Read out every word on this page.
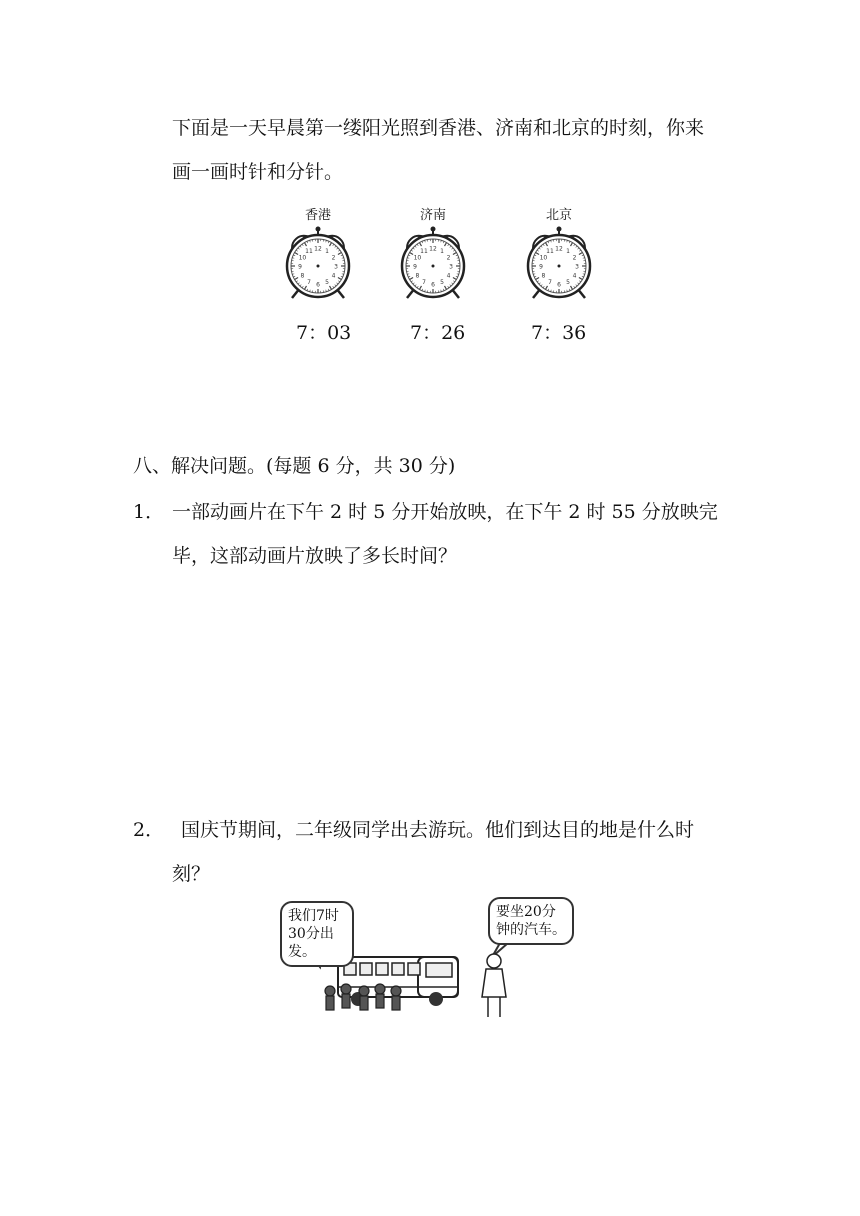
下面是一天早晨第一缕阳光照到香港、济南和北京的时刻，你来
画一画时针和分针。
香港
1
2
3
4
5
6
7
8
9
10
11 12
济南
1
2
3
4
5
6
7
8
9
10
11 12
北京
1
2
3
4
5
6
7
8
9
10
11 12
7：03	7：26	7：36
八、解决问题。(每题 6 分，共 30 分)
1． 一部动画片在下午 2 时 5 分开始放映，在下午 2 时 55 分放映完
毕，这部动画片放映了多长时间？
2． 国庆节期间，二年级同学出去游玩。他们到达目的地是什么时
刻？
我们7时30分出发。
要坐20分钟的汽车。
